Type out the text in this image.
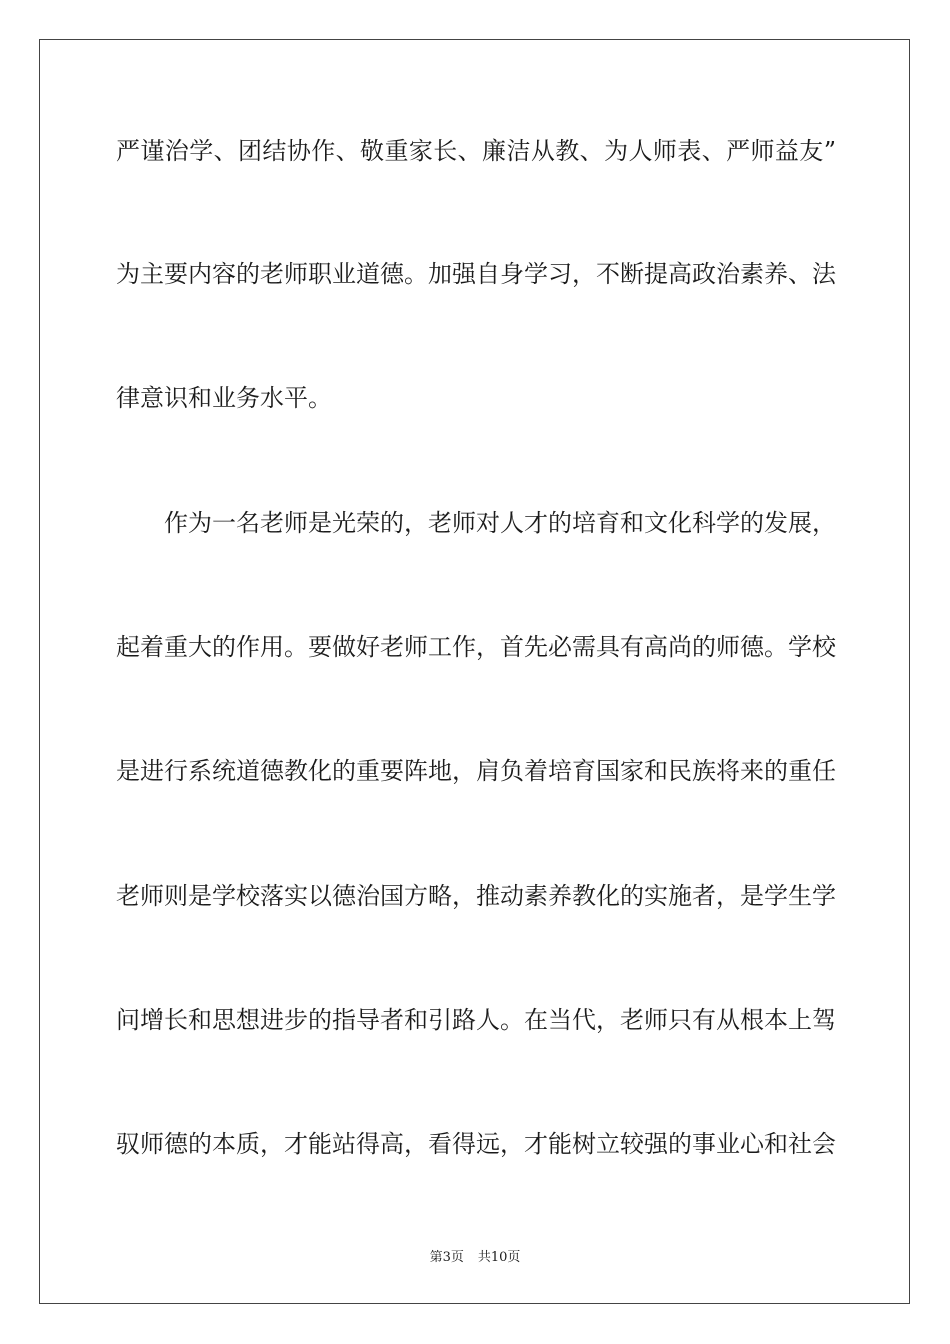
严谨治学、团结协作、敬重家长、廉洁从教、为人师表、严师益友”

为主要内容的老师职业道德。加强自身学习，不断提高政治素养、法

律意识和业务水平。

作为一名老师是光荣的，老师对人才的培育和文化科学的发展，

起着重大的作用。要做好老师工作，首先必需具有高尚的师德。学校

是进行系统道德教化的重要阵地，肩负着培育国家和民族将来的重任

老师则是学校落实以德治国方略，推动素养教化的实施者，是学生学

问增长和思想进步的指导者和引路人。在当代，老师只有从根本上驾

驭师德的本质，才能站得高，看得远，才能树立较强的事业心和社会

第3页 共10页
